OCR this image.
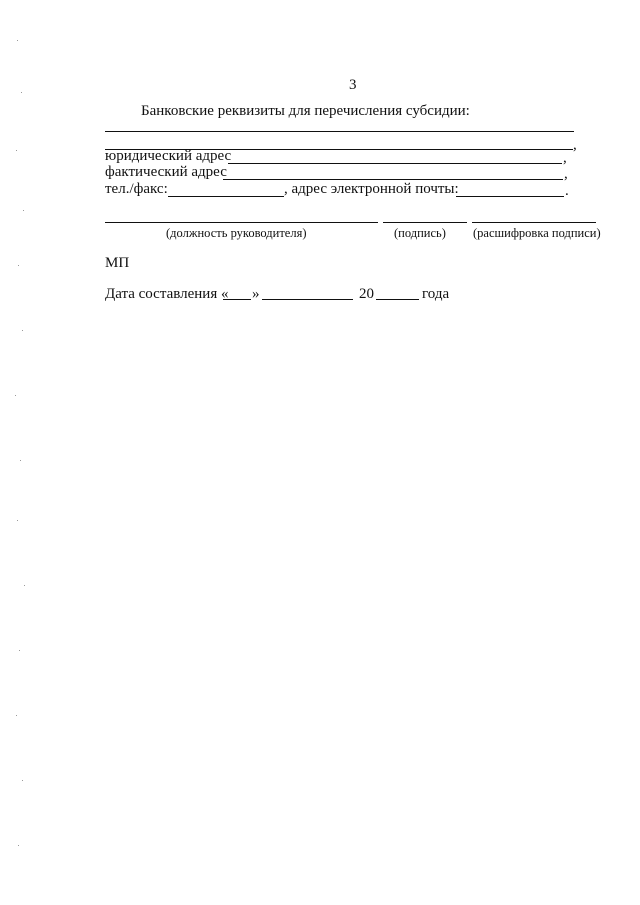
3
Банковские реквизиты для перечисления субсидии:
,
юридический адрес	,
фактический адрес	,
тел./факс:	, адрес электронной почты:	.
(должность руководителя)	(подпись) (расшифровка подписи)
МП
Дата составления « »	20	года
